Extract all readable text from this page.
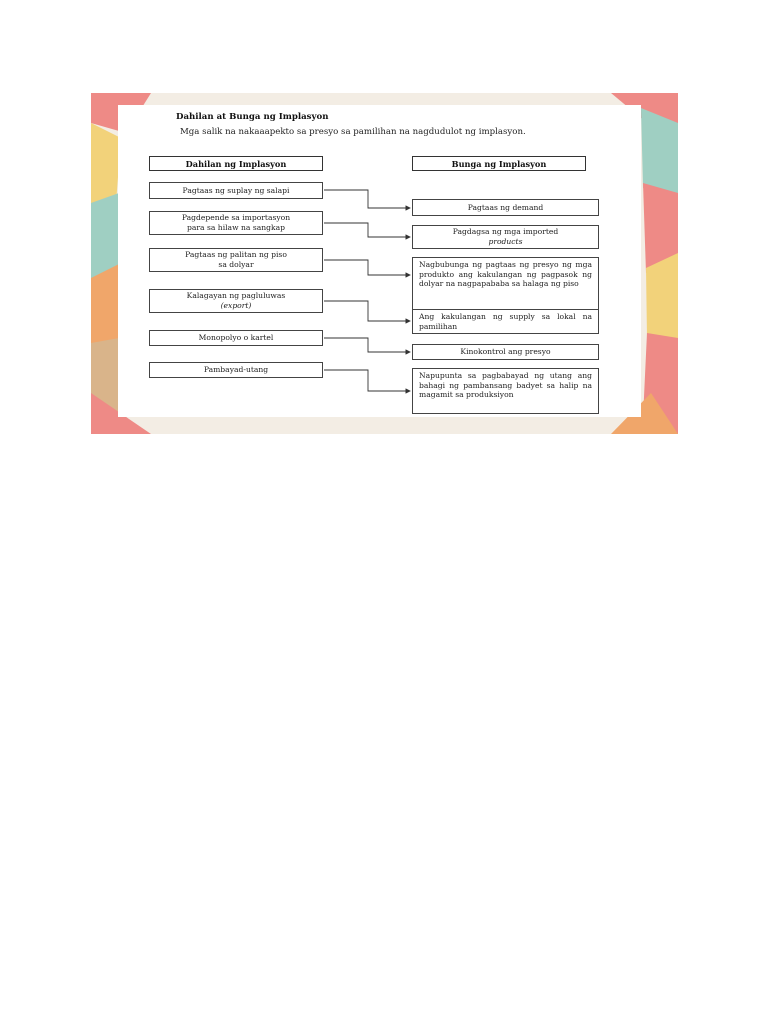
Dahilan at Bunga ng Implasyon
Mga salik na nakaaapekto sa presyo sa pamilihan na nagdudulot ng implasyon.
Dahilan ng Implasyon	Bunga ng Implasyon
Pagtaas ng suplay ng salapi
Pagdepende sa importasyon
para sa hilaw na sangkap
Pagtaas ng palitan ng piso
sa dolyar
Kalagayan ng pagluluwas
(export)
Monopolyo o kartel
Pambayad-utang
Pagtaas ng demand
Pagdagsa ng mga imported
products
Nagbubunga ng pagtaas ng presyo ng mga produkto ang kakulangan ng pagpasok ng dolyar na nagpapababa sa halaga ng piso
Ang kakulangan ng supply sa lokal na pamilihan
Kinokontrol ang presyo
Napupunta sa pagbabayad ng utang ang bahagi ng pambansang badyet sa halip na magamit sa produksiyon
